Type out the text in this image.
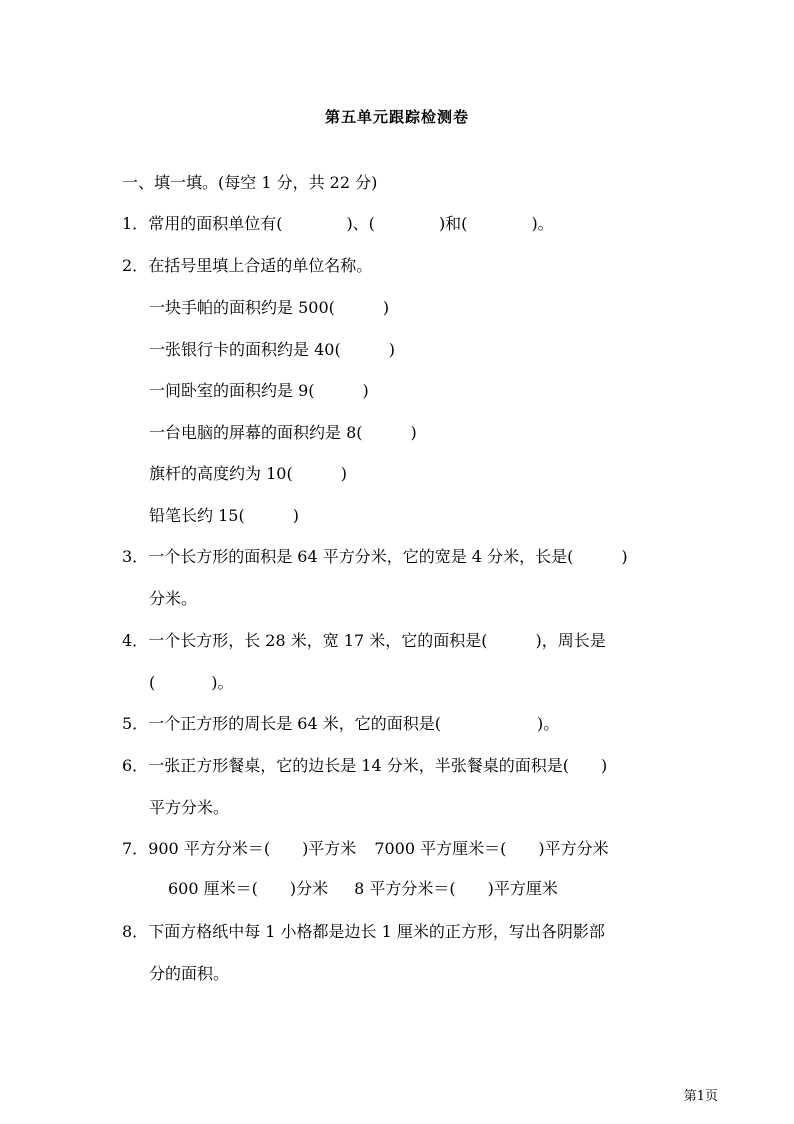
第五单元跟踪检测卷
一、填一填。(每空 1 分，共 22 分)
1．常用的面积单位有(	)、(	)和(	)。
2．在括号里填上合适的单位名称。
一块手帕的面积约是 500(	)
一张银行卡的面积约是 40(	)
一间卧室的面积约是 9(	)
一台电脑的屏幕的面积约是 8(	)
旗杆的高度约为 10(	)
铅笔长约 15(	)
3．一个长方形的面积是 64 平方分米，它的宽是 4 分米，长是(	)
分米。
4．一个长方形，长 28 米，宽 17 米，它的面积是(	)，周长是
(	)。
5．一个正方形的周长是 64 米，它的面积是(	)。
6．一张正方形餐桌，它的边长是 14 分米，半张餐桌的面积是( )
平方分米。
7．900 平方分米＝( )平方米 7000 平方厘米＝( )平方分米
600 厘米＝( )分米 8 平方分米＝( )平方厘米
8．下面方格纸中每 1 小格都是边长 1 厘米的正方形，写出各阴影部
分的面积。
第1页
